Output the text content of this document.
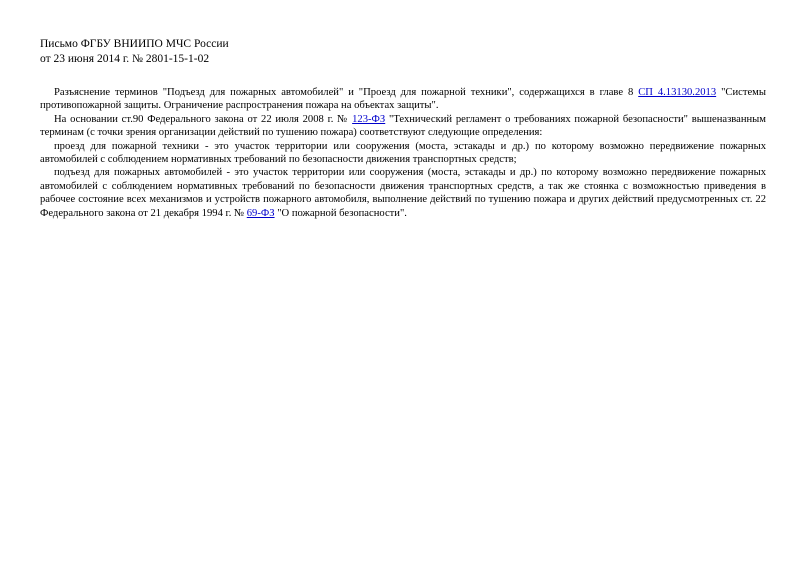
Письмо ФГБУ ВНИИПО МЧС России
от 23 июня 2014 г. № 2801-15-1-02

Разъяснение терминов "Подъезд для пожарных автомобилей" и "Проезд для пожарной техники", содержащихся в главе 8 СП 4.13130.2013 "Системы противопожарной защиты. Ограничение распространения пожара на объектах защиты".

На основании ст.90 Федерального закона от 22 июля 2008 г. № 123-ФЗ "Технический регламент о требованиях пожарной безопасности" вышеназванным терминам (с точки зрения организации действий по тушению пожара) соответствуют следующие определения:

проезд для пожарной техники - это участок территории или сооружения (моста, эстакады и др.) по которому возможно передвижение пожарных автомобилей с соблюдением нормативных требований по безопасности движения транспортных средств;

подъезд для пожарных автомобилей - это участок территории или сооружения (моста, эстакады и др.) по которому возможно передвижение пожарных автомобилей с соблюдением нормативных требований по безопасности движения транспортных средств, а так же стоянка с возможностью приведения в рабочее состояние всех механизмов и устройств пожарного автомобиля, выполнение действий по тушению пожара и других действий предусмотренных ст. 22 Федерального закона от 21 декабря 1994 г. № 69-ФЗ "О пожарной безопасности".
